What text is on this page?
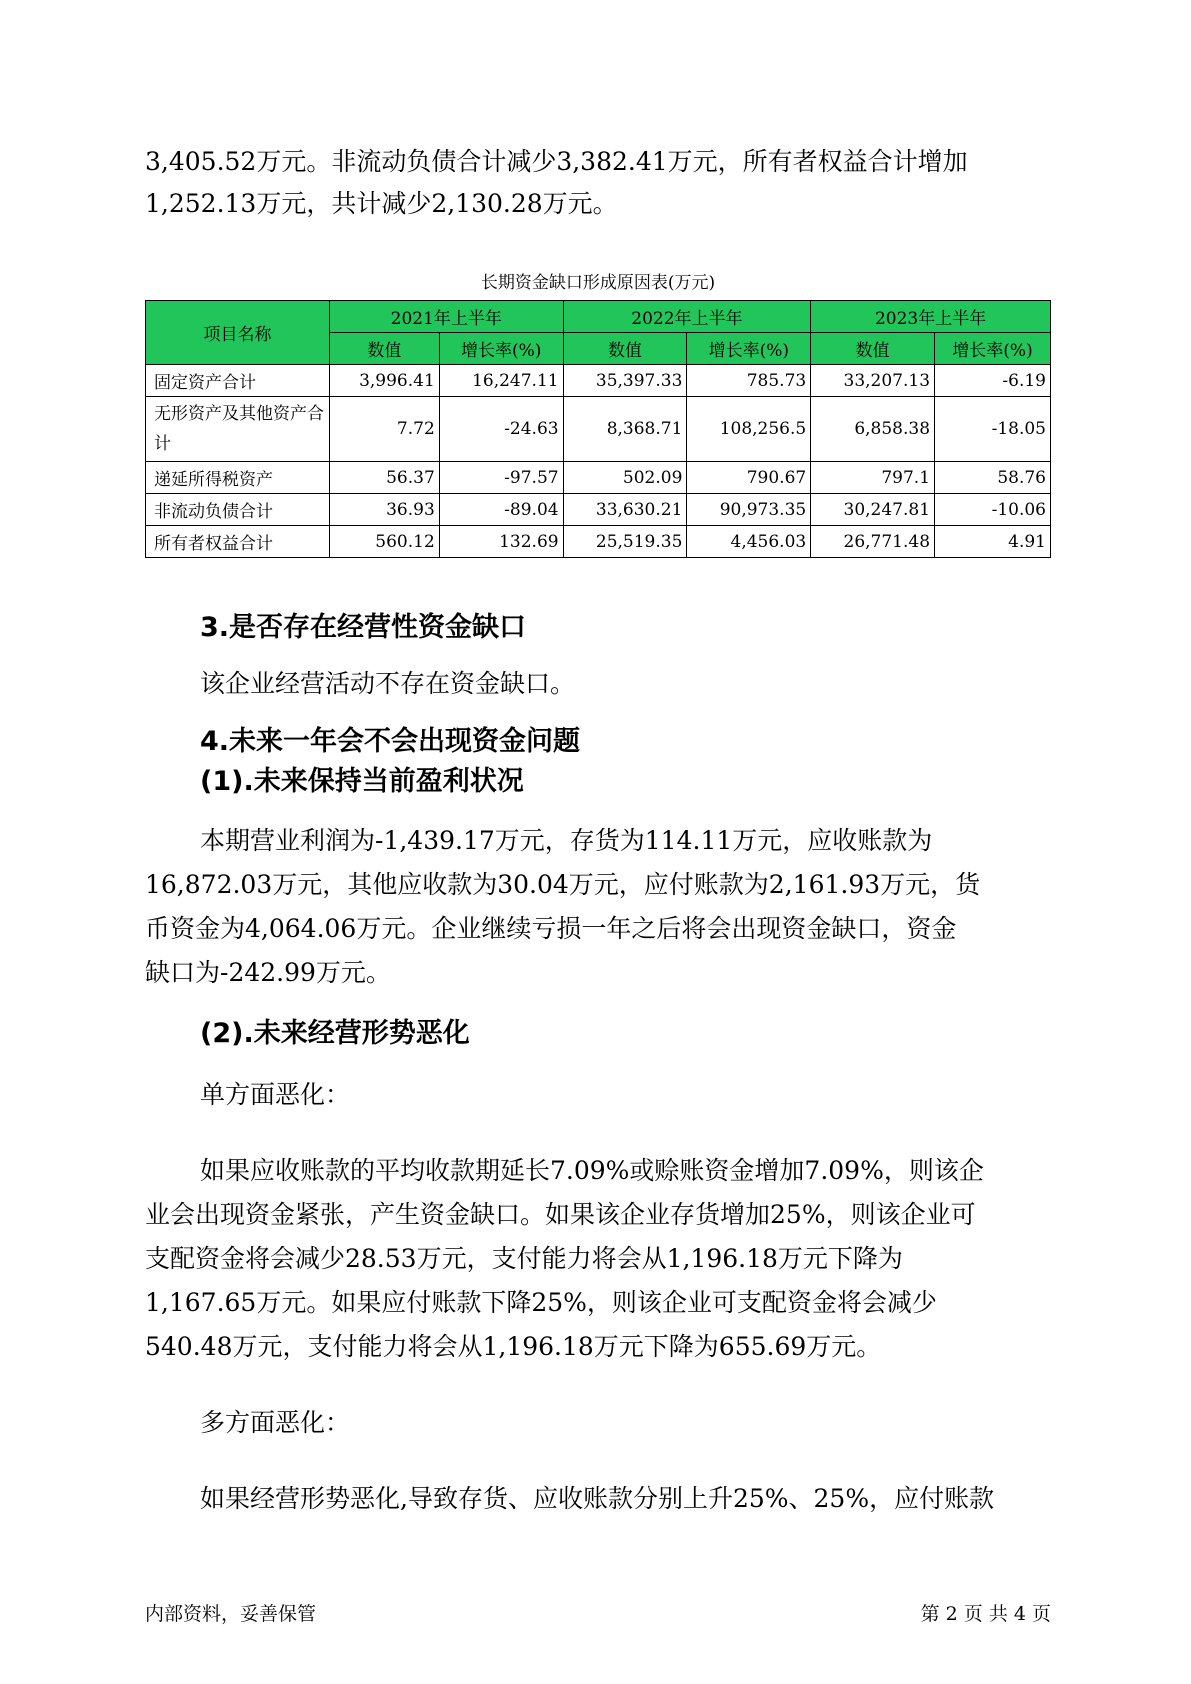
3,405.52万元。非流动负债合计减少3,382.41万元，所有者权益合计增加

1,252.13万元，共计减少2,130.28万元。

长期资金缺口形成原因表(万元)
项目名称	2021年上半年		2022年上半年		2023年上半年	
	数值	增长率(%)	数值	增长率(%)	数值	增长率(%)
固定资产合计	3,996.41	16,247.11	35,397.33	785.73	33,207.13	-6.19
无形资产及其他资产合计	7.72	-24.63	8,368.71	108,256.5	6,858.38	-18.05
递延所得税资产	56.37	-97.57	502.09	790.67	797.1	58.76
非流动负债合计	36.93	-89.04	33,630.21	90,973.35	30,247.81	-10.06
所有者权益合计	560.12	132.69	25,519.35	4,456.03	26,771.48	4.91
3.是否存在经营性资金缺口

该企业经营活动不存在资金缺口。

4.未来一年会不会出现资金问题
(1).未来保持当前盈利状况

本期营业利润为-1,439.17万元，存货为114.11万元，应收账款为

16,872.03万元，其他应收款为30.04万元，应付账款为2,161.93万元，货

币资金为4,064.06万元。企业继续亏损一年之后将会出现资金缺口，资金

缺口为-242.99万元。

(2).未来经营形势恶化

单方面恶化：

如果应收账款的平均收款期延长7.09%或赊账资金增加7.09%，则该企

业会出现资金紧张，产生资金缺口。如果该企业存货增加25%，则该企业可

支配资金将会减少28.53万元，支付能力将会从1,196.18万元下降为

1,167.65万元。如果应付账款下降25%，则该企业可支配资金将会减少

540.48万元，支付能力将会从1,196.18万元下降为655.69万元。

多方面恶化：

如果经营形势恶化,导致存货、应收账款分别上升25%、25%，应付账款

内部资料，妥善保管	第 2 页 共 4 页
